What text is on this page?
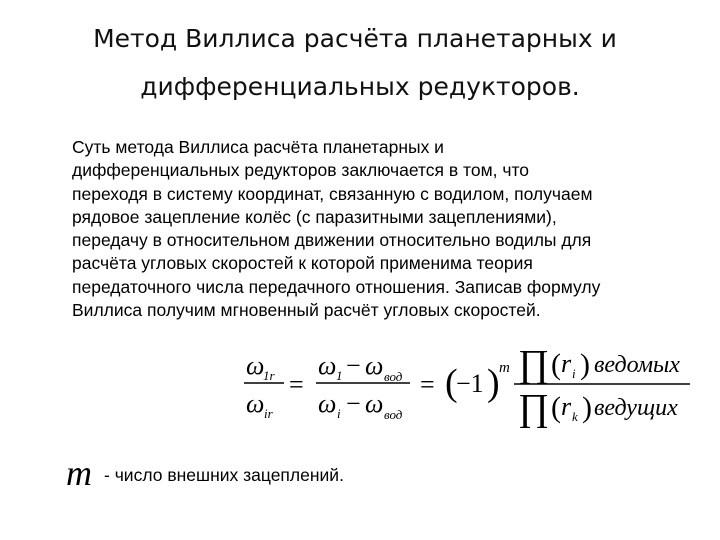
Метод Виллиса расчёта планетарных и
дифференциальных редукторов.
Суть метода Виллиса расчёта планетарных и
дифференциальных редукторов заключается в том, что
переходя в систему координат, связанную с водилом, получаем
рядовое зацепление колёс (с паразитными зацеплениями),
передачу в относительном движении относительно водилы для
расчёта угловых скоростей к которой применима теория
передаточного числа передачного отношения. Записав формулу
Виллиса получим мгновенный расчёт угловых скоростей.
ω
1r
ω ir
=
ω 1 − ω вод
ω i − ω вод
= (
−1 ) m ∏ ( r i ) ведомых
∏ ( r k ) ведущих
m - число внешних зацеплений.
